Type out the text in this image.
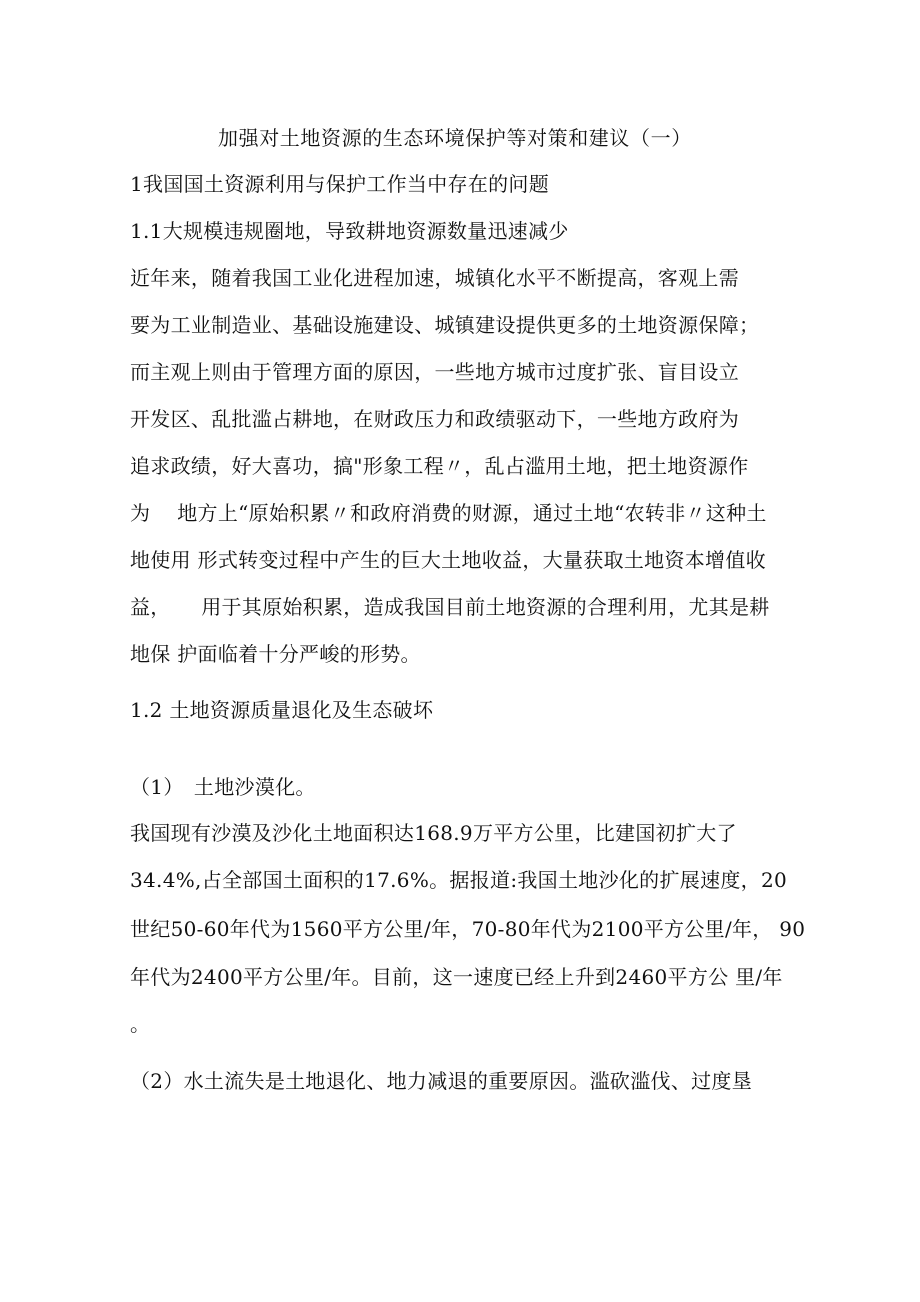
加强对土地资源的生态环境保护等对策和建议（一）
1我国国土资源利用与保护工作当中存在的问题
1.1大规模违规圈地，导致耕地资源数量迅速减少
近年来，随着我国工业化进程加速，城镇化水平不断提高，客观上需
要为工业制造业、基础设施建设、城镇建设提供更多的土地资源保障；
而主观上则由于管理方面的原因，一些地方城市过度扩张、盲目设立
开发区、乱批滥占耕地，在财政压力和政绩驱动下，一些地方政府为
追求政绩，好大喜功，搞"形象工程〃，乱占滥用土地，把土地资源作
为　 地方上“原始积累〃和政府消费的财源，通过土地“农转非〃这种土
地使用 形式转变过程中产生的巨大土地收益，大量获取土地资本增值收
益，　　用于其原始积累，造成我国目前土地资源的合理利用，尤其是耕
地保 护面临着十分严峻的形势。
1.2 土地资源质量退化及生态破坏
（1）　土地沙漠化。
我国现有沙漠及沙化土地面积达168.9万平方公里，比建国初扩大了
34.4%,占全部国土面积的17.6%。据报道:我国土地沙化的扩展速度，20
世纪50-60年代为1560平方公里/年，70-80年代为2100平方公里/年， 90
年代为2400平方公里/年。目前，这一速度已经上升到2460平方公 里/年
。
（2）水土流失是土地退化、地力减退的重要原因。滥砍滥伐、过度垦
